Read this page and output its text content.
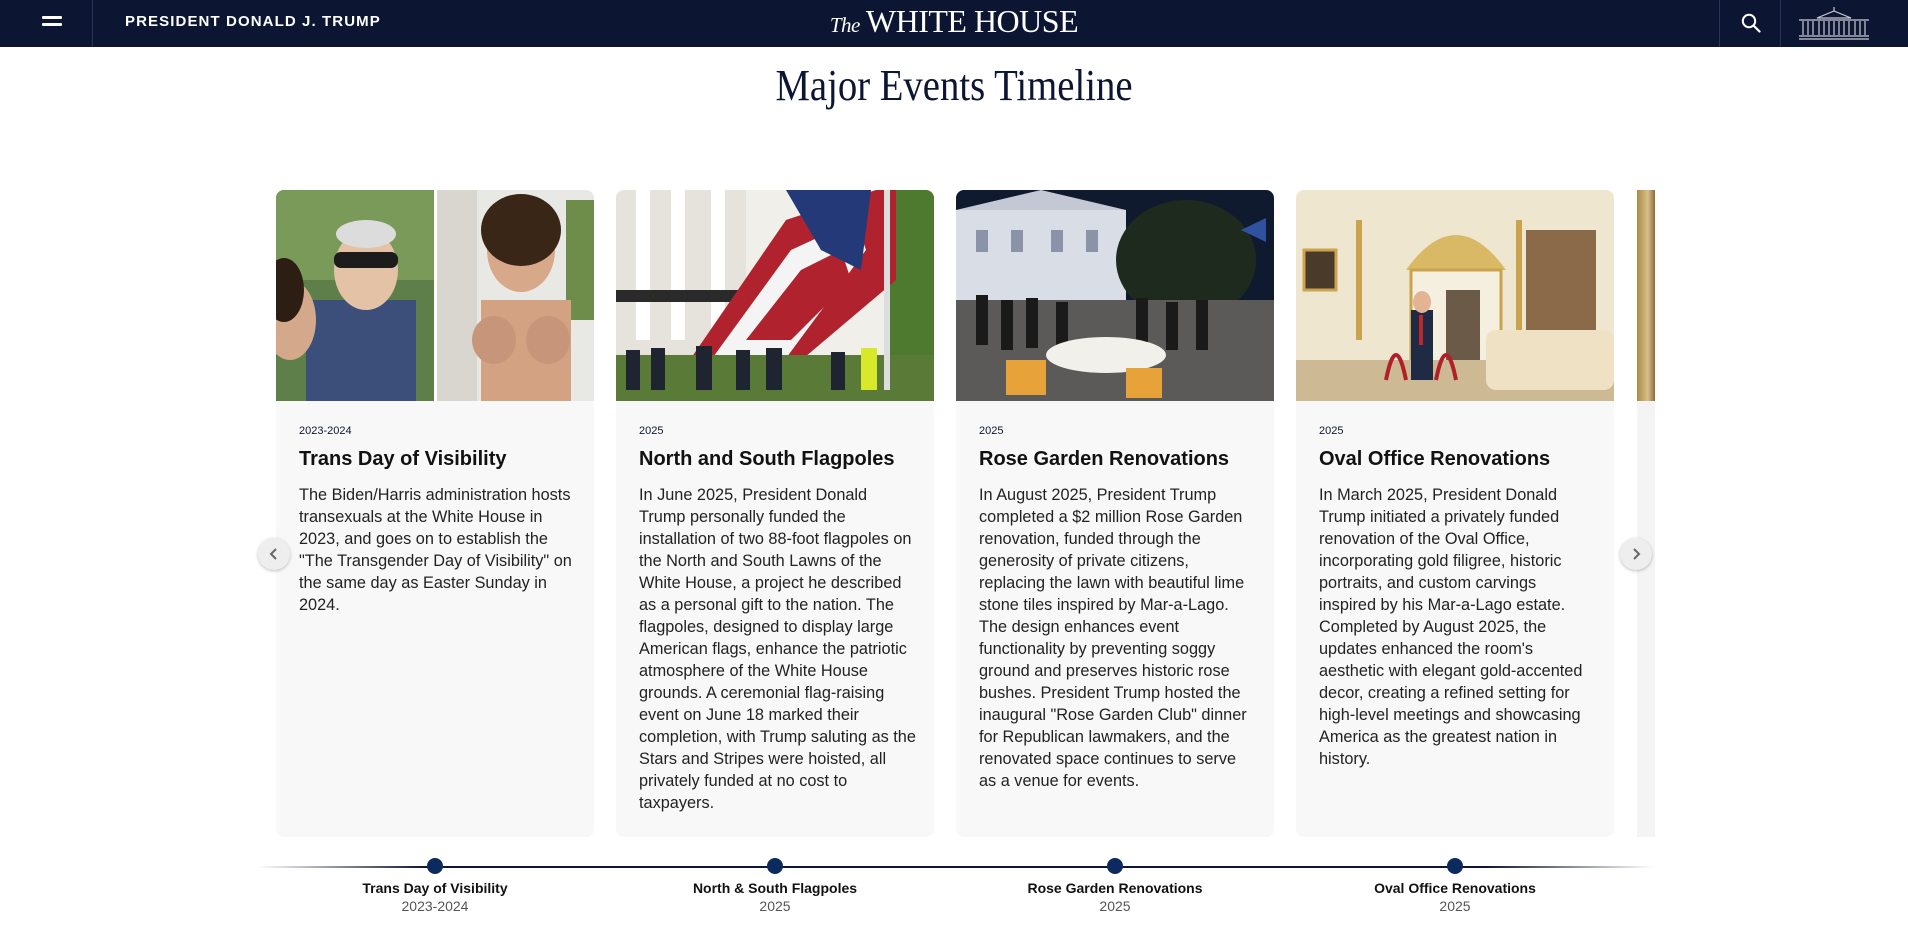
PRESIDENT DONALD J. TRUMP	The WHITE HOUSE
Major Events Timeline
2023-2024
Trans Day of Visibility
The Biden/Harris administration hosts transexuals at the White House in 2023, and goes on to establish the "The Transgender Day of Visibility" on the same day as Easter Sunday in 2024.
2025
North and South Flagpoles
In June 2025, President Donald Trump personally funded the installation of two 88-foot flagpoles on the North and South Lawns of the White House, a project he described as a personal gift to the nation. The flagpoles, designed to display large American flags, enhance the patriotic atmosphere of the White House grounds. A ceremonial flag-raising event on June 18 marked their completion, with Trump saluting as the Stars and Stripes were hoisted, all privately funded at no cost to taxpayers.
2025
Rose Garden Renovations
In August 2025, President Trump completed a $2 million Rose Garden renovation, funded through the generosity of private citizens, replacing the lawn with beautiful lime stone tiles inspired by Mar-a-Lago. The design enhances event functionality by preventing soggy ground and preserves historic rose bushes. President Trump hosted the inaugural "Rose Garden Club" dinner for Republican lawmakers, and the renovated space continues to serve as a venue for events.
2025
Oval Office Renovations
In March 2025, President Donald Trump initiated a privately funded renovation of the Oval Office, incorporating gold filigree, historic portraits, and custom carvings inspired by his Mar-a-Lago estate. Completed by August 2025, the updates enhanced the room's aesthetic with elegant gold-accented decor, creating a refined setting for high-level meetings and showcasing America as the greatest nation in history.
Trans Day of Visibility
2023-2024
North & South Flagpoles
2025
Rose Garden Renovations
2025
Oval Office Renovations
2025
